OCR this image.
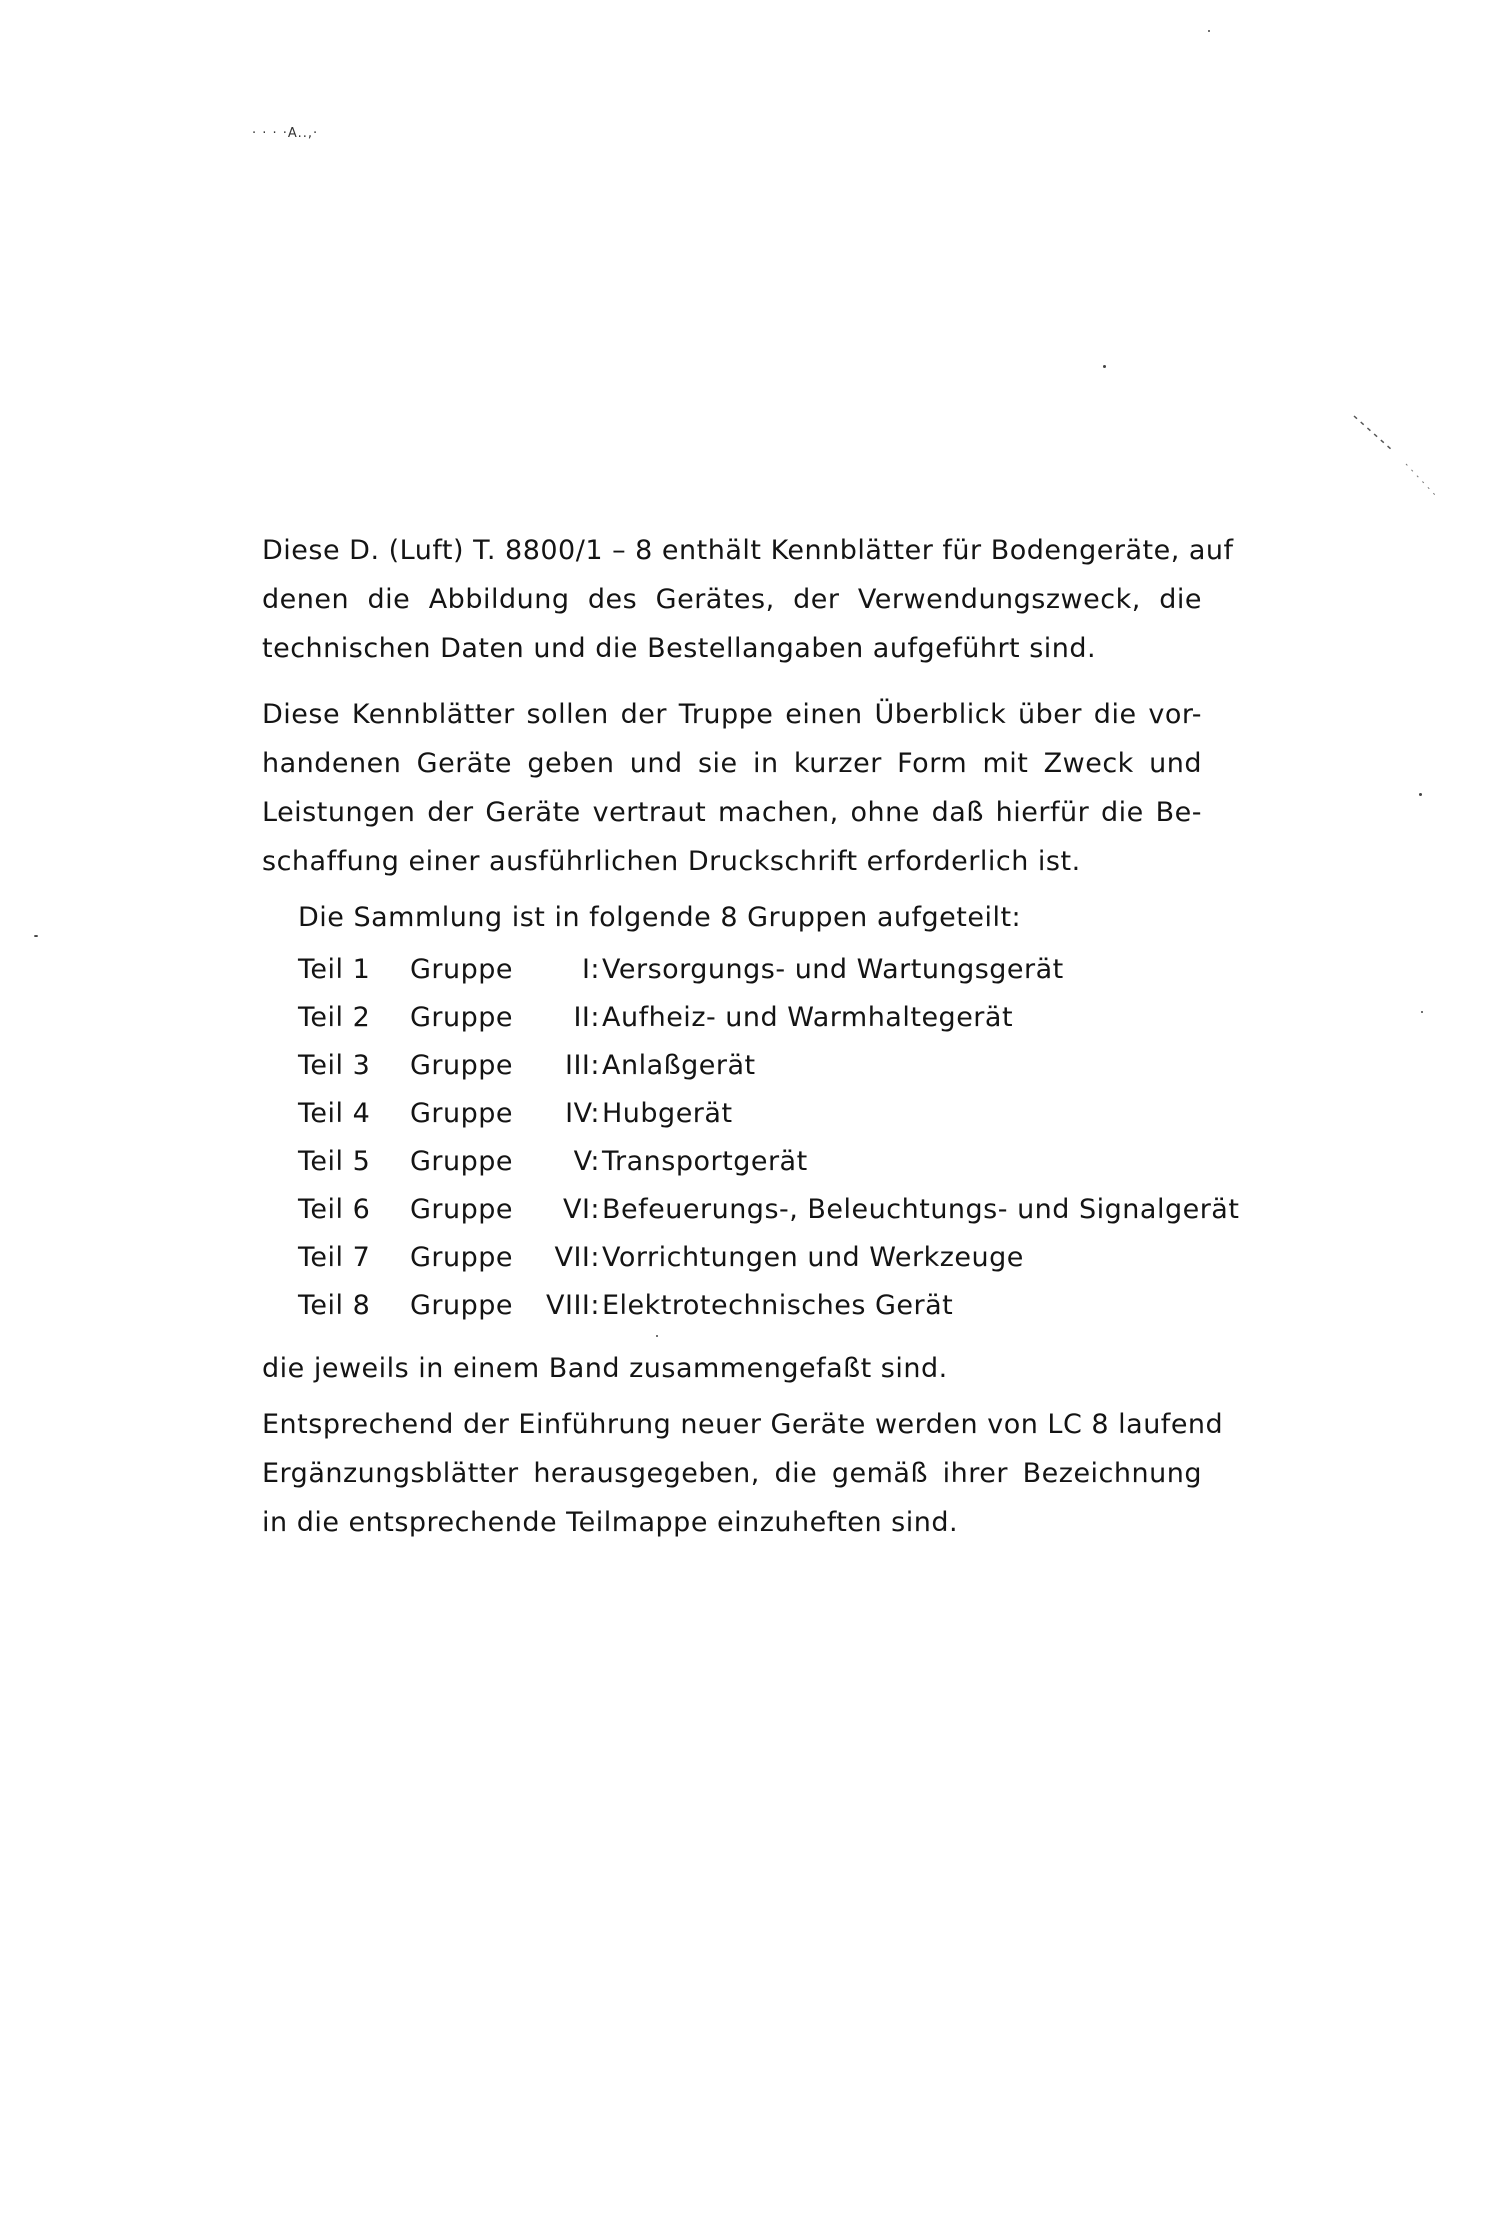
· · · ·A..,·
Diese D. (Luft) T. 8800/1 – 8 enthält Kennblätter für Bodengeräte, auf
denen die Abbildung des Gerätes, der Verwendungszweck, die
technischen Daten und die Bestellangaben aufgeführt sind.
Diese Kennblätter sollen der Truppe einen Überblick über die vor-
handenen Geräte geben und sie in kurzer Form mit Zweck und
Leistungen der Geräte vertraut machen, ohne daß hierfür die Be-
schaffung einer ausführlichen Druckschrift erforderlich ist.
Die Sammlung ist in folgende 8 Gruppen aufgeteilt:
Teil 1	Gruppe	I: Versorgungs- und Wartungsgerät
Teil 2	Gruppe	II: Aufheiz- und Warmhaltegerät
Teil 3	Gruppe	III: Anlaßgerät
Teil 4	Gruppe	IV: Hubgerät
Teil 5	Gruppe	V: Transportgerät
Teil 6	Gruppe	VI: Befeuerungs-, Beleuchtungs- und Signalgerät
Teil 7	Gruppe	VII: Vorrichtungen und Werkzeuge
Teil 8	Gruppe	VIII: Elektrotechnisches Gerät
die jeweils in einem Band zusammengefaßt sind.
Entsprechend der Einführung neuer Geräte werden von LC 8 laufend
Ergänzungsblätter herausgegeben, die gemäß ihrer Bezeichnung
in die entsprechende Teilmappe einzuheften sind.
